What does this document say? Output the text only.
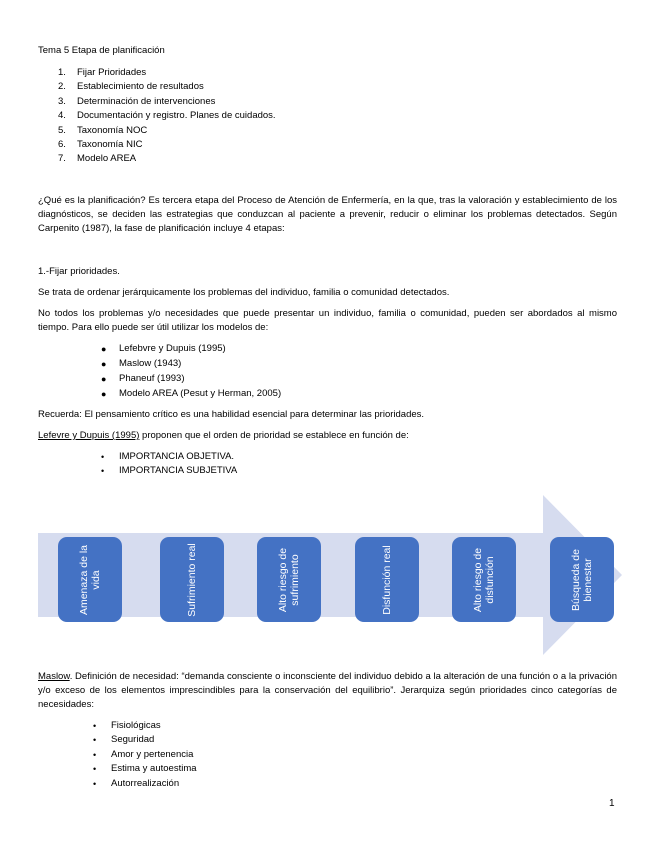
Tema 5 Etapa de planificación
1. Fijar Prioridades
2. Establecimiento de resultados
3. Determinación de intervenciones
4. Documentación y registro. Planes de cuidados.
5. Taxonomía NOC
6. Taxonomía NIC
7. Modelo AREA
¿Qué es la planificación? Es tercera etapa del Proceso de Atención de Enfermería, en la que, tras la valoración y establecimiento de los diagnósticos, se deciden las estrategias que conduzcan al paciente a prevenir, reducir o eliminar los problemas detectados. Según Carpenito (1987), la fase de planificación incluye 4 etapas:
1.-Fijar prioridades.
Se trata de ordenar jerárquicamente los problemas del individuo, familia o comunidad detectados.
No todos los problemas y/o necesidades que puede presentar un individuo, familia o comunidad, pueden ser abordados al mismo tiempo. Para ello puede ser útil utilizar los modelos de:
● Lefebvre y Dupuis (1995)
● Maslow (1943)
● Phaneuf (1993)
● Modelo AREA (Pesut y Herman, 2005)
Recuerda: El pensamiento crítico es una habilidad esencial para determinar las prioridades.
Lefevre y Dupuis (1995) proponen que el orden de prioridad se establece en función de:
• IMPORTANCIA OBJETIVA.
• IMPORTANCIA SUBJETIVA
Amenaza de la vida	Sufrimiento real	Alto riesgo de sufrimiento	Disfunción real	Alto riesgo de disfunción	Búsqueda de bienestar
Maslow. Definición de necesidad: “demanda consciente o inconsciente del individuo debido a la alteración de una función o a la privación y/o exceso de los elementos imprescindibles para la conservación del equilibrio”. Jerarquiza según prioridades cinco categorías de necesidades:
• Fisiológicas
• Seguridad
• Amor y pertenencia
• Estima y autoestima
• Autorrealización
1
